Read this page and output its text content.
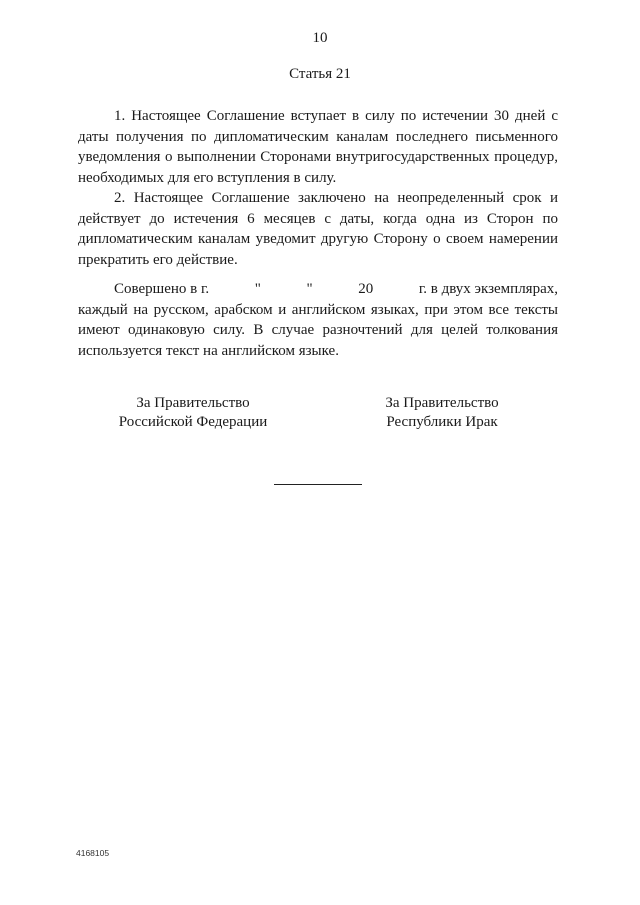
10
Статья 21

1. Настоящее Соглашение вступает в силу по истечении 30 дней с даты получения по дипломатическим каналам последнего письменного уведомления о выполнении Сторонами внутригосударственных процедур, необходимых для его вступления в силу.

2. Настоящее Соглашение заключено на неопределенный срок и действует до истечения 6 месяцев с даты, когда одна из Сторон по дипломатическим каналам уведомит другую Сторону о своем намерении прекратить его действие.

Совершено в г.	"	"	20	г. в двух экземплярах,

каждый на русском, арабском и английском языках, при этом все тексты имеют одинаковую силу. В случае разночтений для целей толкования используется текст на английском языке.

За Правительство
Российской Федерации
За Правительство
Республики Ирак
4168105
